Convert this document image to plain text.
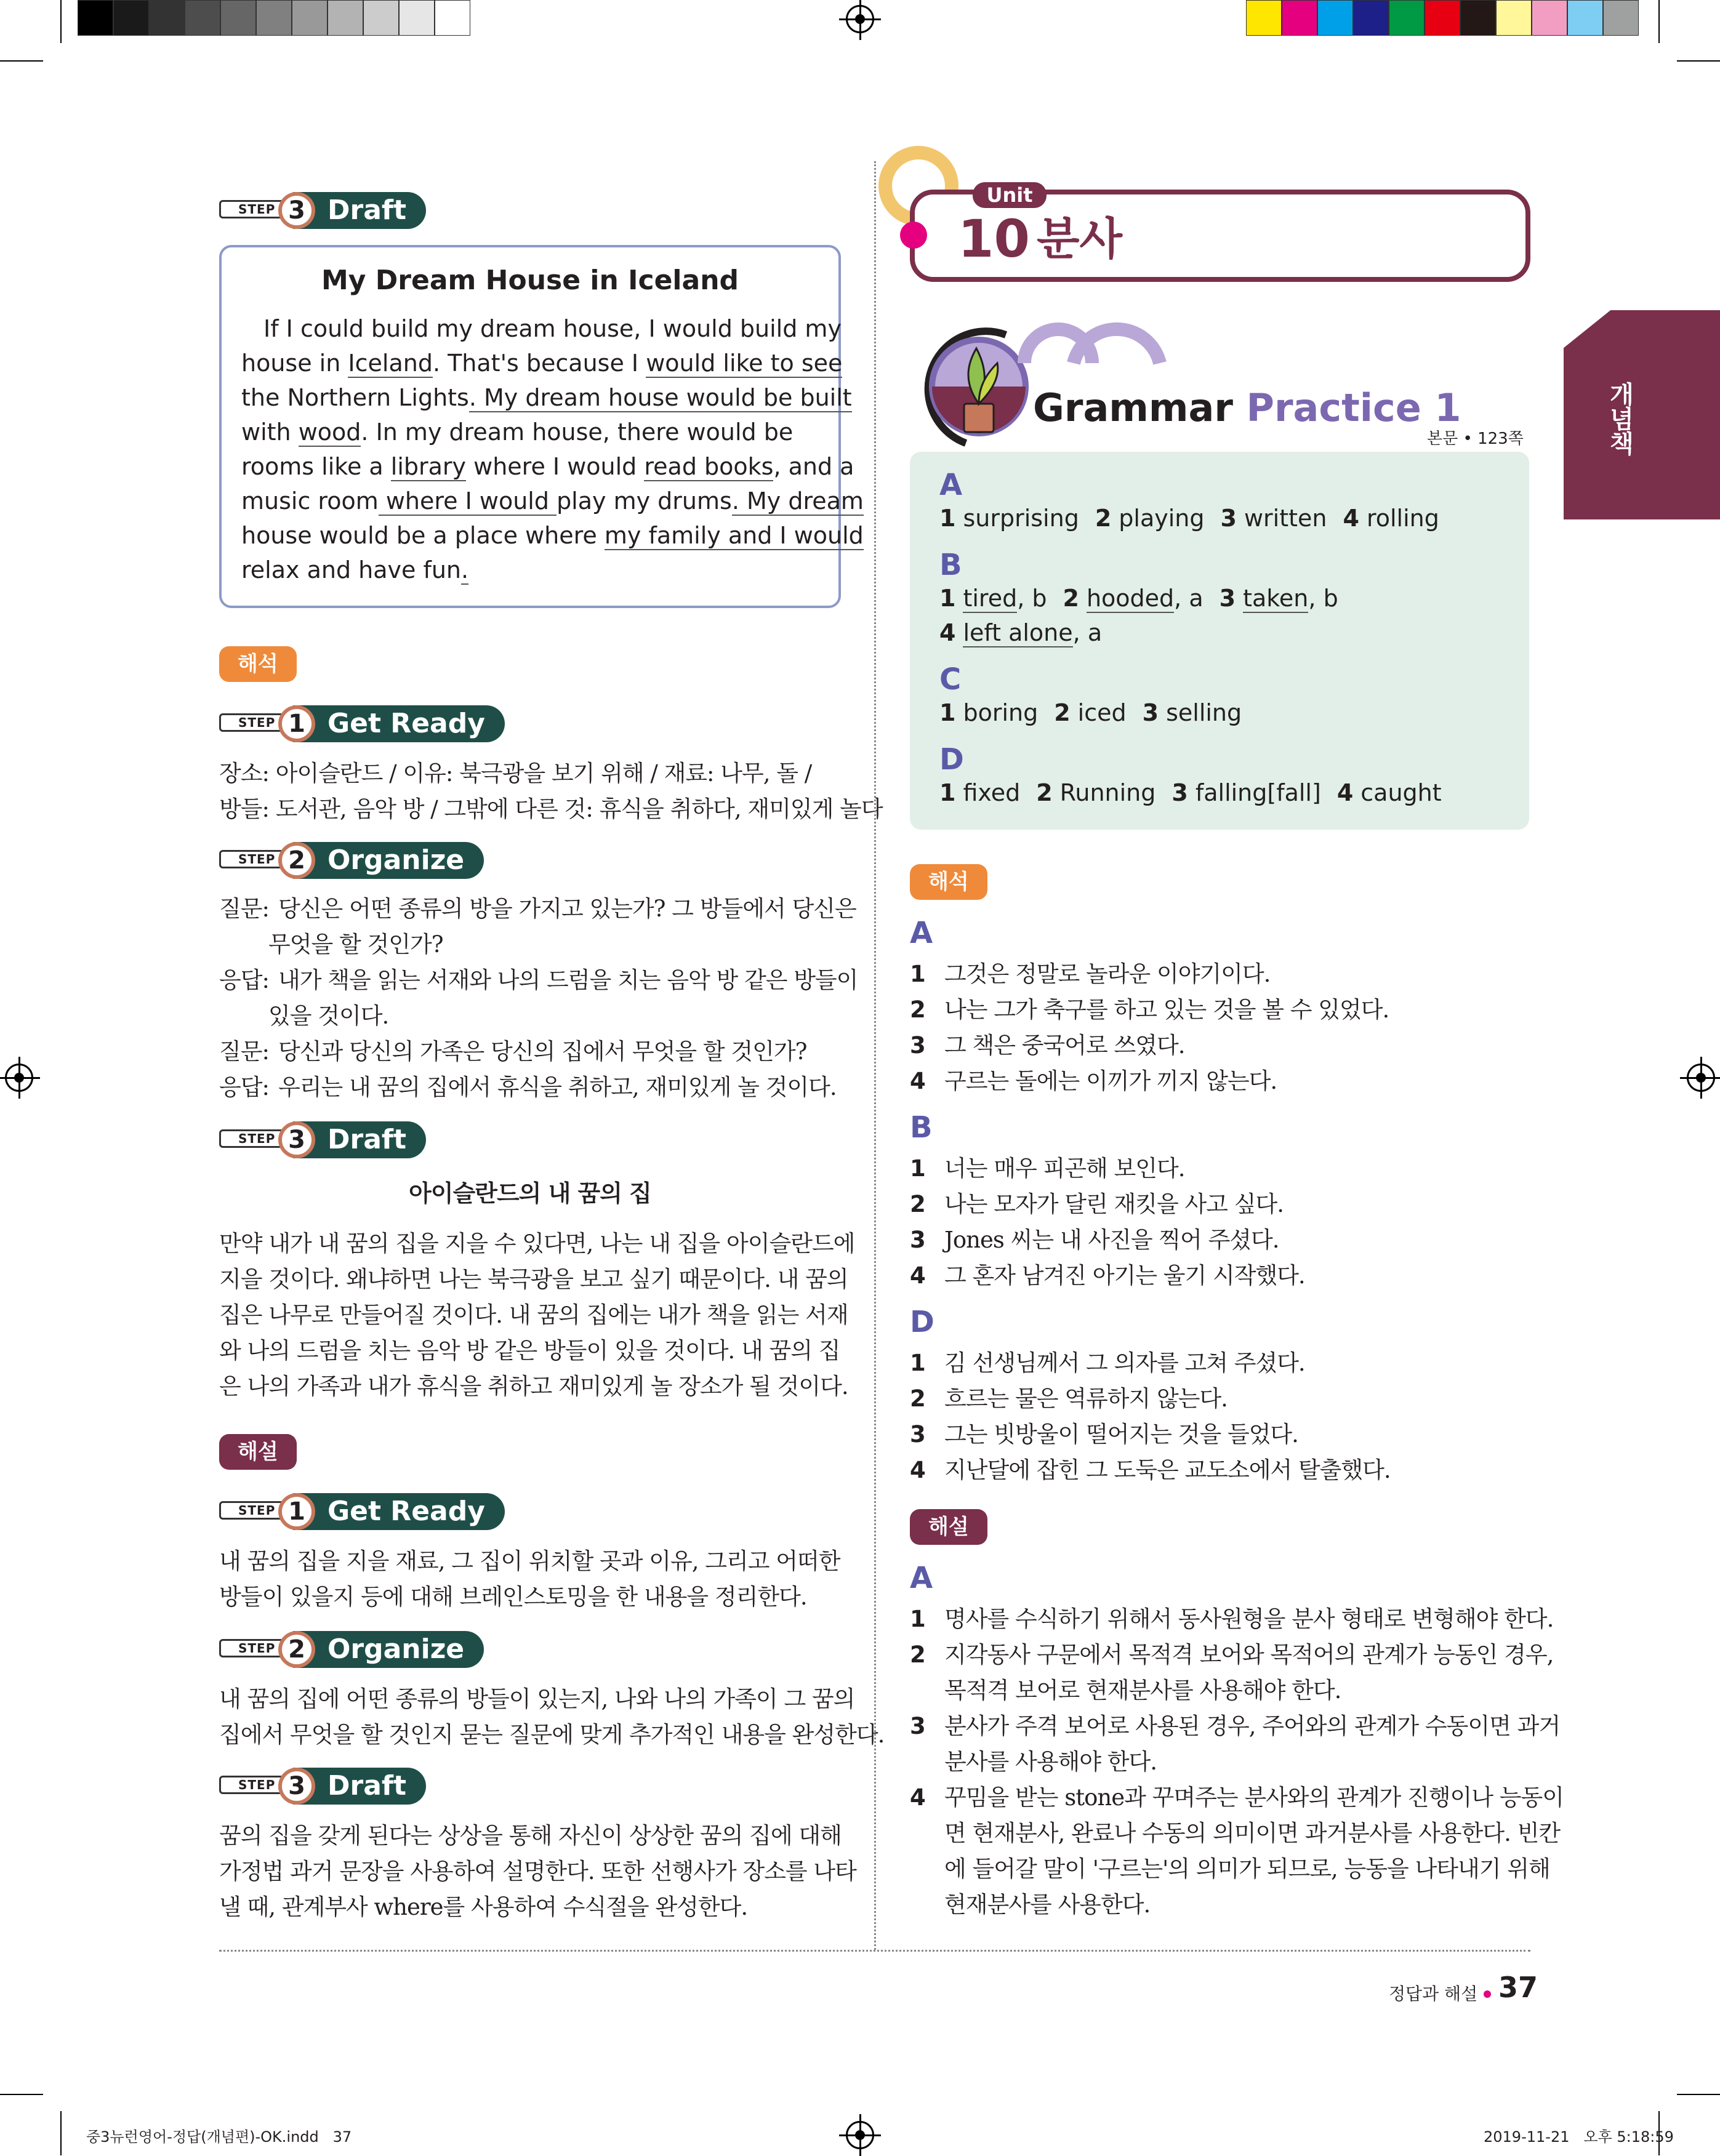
STEP	Draft
3
My Dream House in Iceland
If I could build my dream house, I would build my
house in Iceland. That's because I would like to see
the Northern Lights. My dream house would be built
with wood. In my dream house, there would be
rooms like a library where I would read books, and a
music room where I would play my drums. My dream
house would be a place where my family and I would
relax and have fun.
해석
STEP	Get Ready
1
장소: 아이슬란드 / 이유: 북극광을 보기 위해 / 재료: 나무, 돌 /
방들: 도서관, 음악 방 / 그밖에 다른 것: 휴식을 취하다, 재미있게 놀다
STEP	Organize
2
질문: 당신은 어떤 종류의 방을 가지고 있는가? 그 방들에서 당신은
무엇을 할 것인가?
응답: 내가 책을 읽는 서재와 나의 드럼을 치는 음악 방 같은 방들이
있을 것이다.
질문: 당신과 당신의 가족은 당신의 집에서 무엇을 할 것인가?
응답: 우리는 내 꿈의 집에서 휴식을 취하고, 재미있게 놀 것이다.
STEP	Draft
3
아이슬란드의 내 꿈의 집
만약 내가 내 꿈의 집을 지을 수 있다면, 나는 내 집을 아이슬란드에
지을 것이다. 왜냐하면 나는 북극광을 보고 싶기 때문이다. 내 꿈의
집은 나무로 만들어질 것이다. 내 꿈의 집에는 내가 책을 읽는 서재
와 나의 드럼을 치는 음악 방 같은 방들이 있을 것이다. 내 꿈의 집
은 나의 가족과 내가 휴식을 취하고 재미있게 놀 장소가 될 것이다.
해설
STEP	Get Ready
1
내 꿈의 집을 지을 재료, 그 집이 위치할 곳과 이유, 그리고 어떠한
방들이 있을지 등에 대해 브레인스토밍을 한 내용을 정리한다.
STEP	Organize
2
내 꿈의 집에 어떤 종류의 방들이 있는지, 나와 나의 가족이 그 꿈의
집에서 무엇을 할 것인지 묻는 질문에 맞게 추가적인 내용을 완성한다.
STEP	Draft
3
꿈의 집을 갖게 된다는 상상을 통해 자신이 상상한 꿈의 집에 대해
가정법 과거 문장을 사용하여 설명한다. 또한 선행사가 장소를 나타
낼 때, 관계부사 where를 사용하여 수식절을 완성한다.
Unit
10 분사
개념책
Grammar Practice 1
본문 • 123쪽
A
1 surprising 2 playing 3 written 4 rolling
B
1 tired, b 2 hooded, a 3 taken, b
4 left alone, a
C
1 boring 2 iced 3 selling
D
1 fixed 2 Running 3 falling[fall] 4 caught
해석
A
1 그것은 정말로 놀라운 이야기이다.
2 나는 그가 축구를 하고 있는 것을 볼 수 있었다.
3 그 책은 중국어로 쓰였다.
4 구르는 돌에는 이끼가 끼지 않는다.
B
1 너는 매우 피곤해 보인다.
2 나는 모자가 달린 재킷을 사고 싶다.
3 Jones 씨는 내 사진을 찍어 주셨다.
4 그 혼자 남겨진 아기는 울기 시작했다.
D
1 김 선생님께서 그 의자를 고쳐 주셨다.
2 흐르는 물은 역류하지 않는다.
3 그는 빗방울이 떨어지는 것을 들었다.
4 지난달에 잡힌 그 도둑은 교도소에서 탈출했다.
해설
A
1 명사를 수식하기 위해서 동사원형을 분사 형태로 변형해야 한다.
2 지각동사 구문에서 목적격 보어와 목적어의 관계가 능동인 경우,
목적격 보어로 현재분사를 사용해야 한다.
3 분사가 주격 보어로 사용된 경우, 주어와의 관계가 수동이면 과거
분사를 사용해야 한다.
4 꾸밈을 받는 stone과 꾸며주는 분사와의 관계가 진행이나 능동이
면 현재분사, 완료나 수동의 의미이면 과거분사를 사용한다. 빈칸
에 들어갈 말이 '구르는'의 의미가 되므로, 능동을 나타내기 위해
현재분사를 사용한다.
정답과 해설 37
중3뉴런영어-정답(개념편)-OK.indd   37	2019-11-21   오후 5:18:59
